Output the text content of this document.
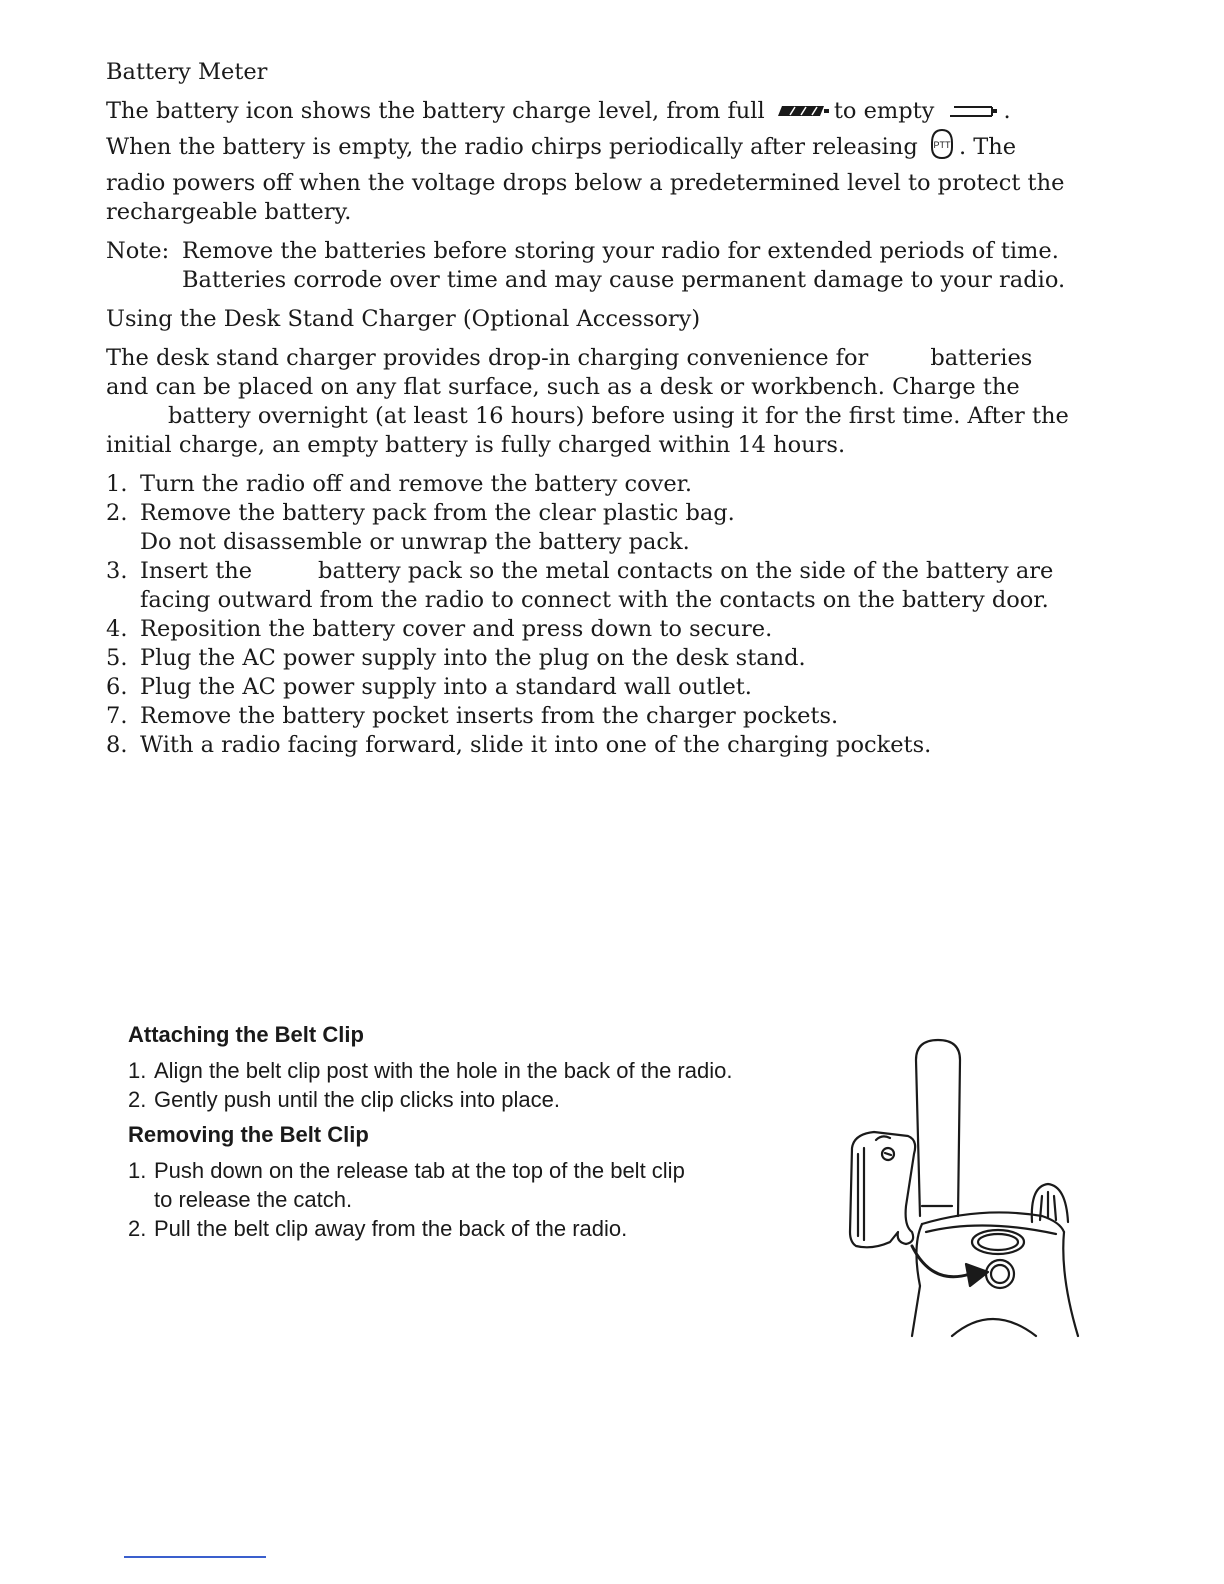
Battery Meter

The battery icon shows the battery charge level, from full	to empty	. When the battery is empty, the radio chirps periodically after releasing PTT . The radio powers off when the voltage drops below a predetermined level to protect the rechargeable battery.

Note: Remove the batteries before storing your radio for extended periods of time. Batteries corrode over time and may cause permanent damage to your radio.

Using the Desk Stand Charger (Optional Accessory)

The desk stand charger provides drop-in charging convenience for	batteries and can be placed on any flat surface, such as a desk or workbench. Charge thebattery overnight (at least 16 hours) before using it for the first time. After the initial charge, an empty battery is fully charged within 14 hours.

1. Turn the radio off and remove the battery cover.
2. Remove the battery pack from the clear plastic bag.
Do not disassemble or unwrap the battery pack.
3. Insert the	battery pack so the metal contacts on the side of the battery are facing outward from the radio to connect with the contacts on the battery door.
4. Reposition the battery cover and press down to secure.
5. Plug the AC power supply into the plug on the desk stand.
6. Plug the AC power supply into a standard wall outlet.
7. Remove the battery pocket inserts from the charger pockets.
8. With a radio facing forward, slide it into one of the charging pockets.
Attaching the Belt Clip
1. Align the belt clip post with the hole in the back of the radio.
2. Gently push until the clip clicks into place.
Removing the Belt Clip
1. Push down on the release tab at the top of the belt clip
to release the catch.
2. Pull the belt clip away from the back of the radio.
